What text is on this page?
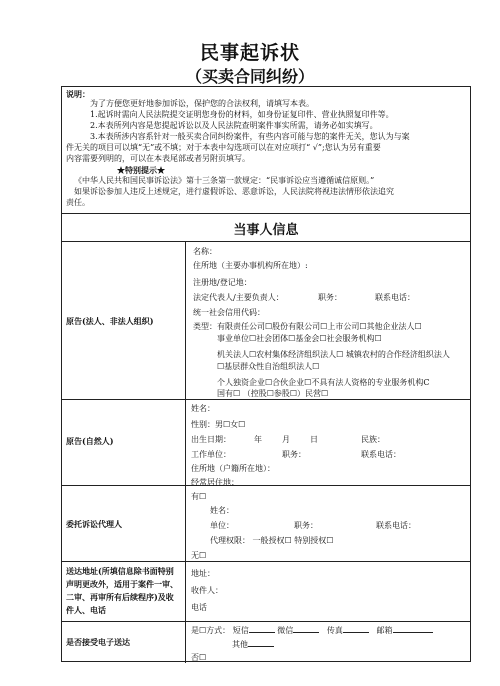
民事起诉状
（买卖合同纠纷）
说明：
为了方便您更好地参加诉讼，保护您的合法权利，请填写本表。
1.起诉时需向人民法院提交证明您身份的材料，如身份证复印件、营业执照复印件等。
2.本表所列内容是您提起诉讼以及人民法院查明案件事实所需，请务必如实填写。
3.本表所涉内容系针对一般买卖合同纠纷案件，有些内容可能与您的案件无关，您认为与案
件无关的项目可以填“无”或不填；对于本表中勾选项可以在对应项打“ √”;您认为另有重要
内容需要列明的，可以在本表尾部或者另附页填写。
★特别提示★
《中华人民共和国民事诉讼法》第十三条第一款规定：“民事诉讼应当遵循诚信原则。”
如果诉讼参加人违反上述规定，进行虚假诉讼、恶意诉讼，人民法院将视违法情形依法追究
责任。
当事人信息
原告(法人、非法人组织)
名称：
住所地（主要办事机构所在地）:
注册地/登记地：
法定代表人/主要负责人：	职务：	联系电话：
统一社会信用代码：
类型：有限责任公司☐股份有限公司☐上市公司☐其他企业法人☐
事业单位☐社会团体☐基金会☐社会服务机构☐
机关法人☐农村集体经济组织法人☐ 城镇农村的合作经济组织法人
☐基层群众性自治组织法人☐
个人独资企业☐合伙企业☐不具有法人资格的专业服务机构C
国有☐ （控股☐参股☐）民营☐
原告(自然人)
姓名：
性别：男☐女☐
出生日期：	年	月	日	民族：
工作单位：	职务：	联系电话：
住所地（户籍所在地）：
经常居住地：
委托诉讼代理人
有☐
姓名：
单位：	职务：	联系电话：
代理权限： 一般授权☐ 特别授权☐
无☐
送达地址(所填信息除书面特别
声明更改外，适用于案件一审、
二审、再审所有后续程序)及收
件人、电话
地址：
收件人：
电话
是否接受电子送达
是☐方式： 短信	微信	传真	邮箱
其他
否☐
